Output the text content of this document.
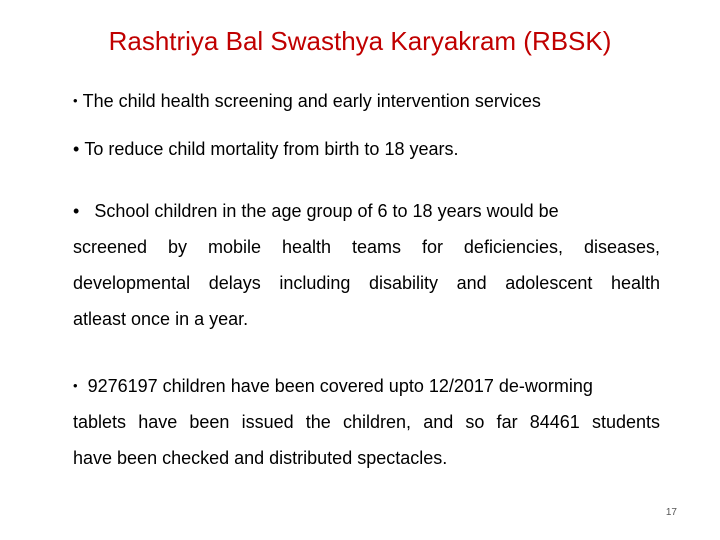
Rashtriya Bal Swasthya Karyakram (RBSK)
• The child health screening and early intervention services
• To reduce child mortality from birth to 18 years.
• School children in the age group of 6 to 18 years would be
screened by mobile health teams for deficiencies, diseases,
developmental delays including disability and adolescent health
atleast once in a year.
• 9276197 children have been covered upto 12/2017 de-worming
tablets have been issued the children, and so far 84461 students
have been checked and distributed spectacles.
17
